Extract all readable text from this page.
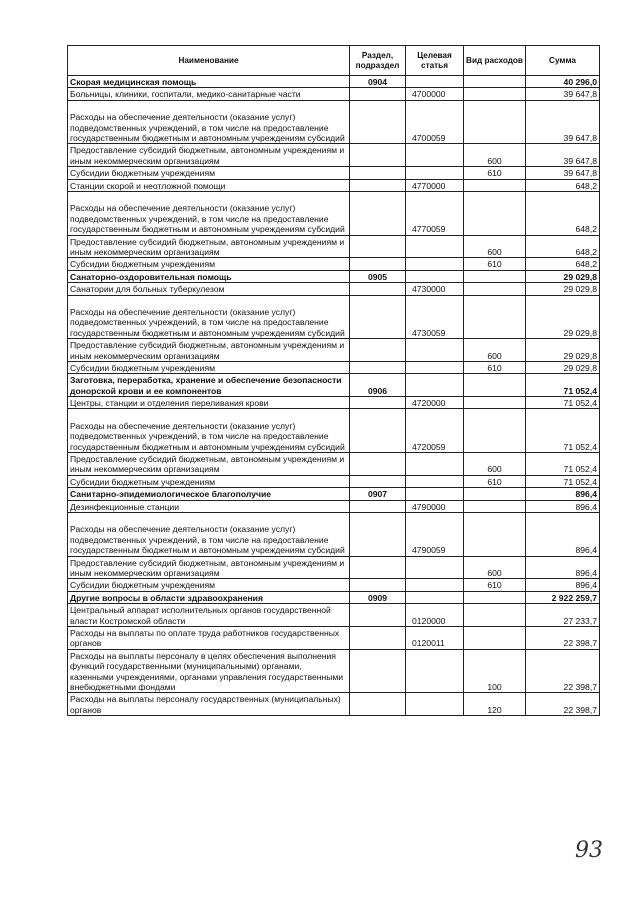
Наименование	Раздел, подраздел	Целевая статья	Вид расходов	Сумма
Скорая медицинская помощь	0904			40 296,0
Больницы, клиники, госпитали, медико-санитарные части		4700000		39 647,8
Расходы на обеспечение деятельности (оказание услуг) подведомственных учреждений, в том числе на предоставление государственным бюджетным и автономным учреждениям субсидий		4700059		39 647,8
Предоставление субсидий бюджетным, автономным учреждениям и иным некоммерческим организациям			600	39 647,8
Субсидии бюджетным учреждениям			610	39 647,8
Станции скорой и неотложной помощи		4770000		648,2
Расходы на обеспечение деятельности (оказание услуг) подведомственных учреждений, в том числе на предоставление государственным бюджетным и автономным учреждениям субсидий		4770059		648,2
Предоставление субсидий бюджетным, автономным учреждениям и иным некоммерческим организациям			600	648,2
Субсидии бюджетным учреждениям			610	648,2
Санаторно-оздоровительная помощь	0905			29 029,8
Санатории для больных туберкулезом		4730000		29 029,8
Расходы на обеспечение деятельности (оказание услуг) подведомственных учреждений, в том числе на предоставление государственным бюджетным и автономным учреждениям субсидий		4730059		29 029,8
Предоставление субсидий бюджетным, автономным учреждениям и иным некоммерческим организациям			600	29 029,8
Субсидии бюджетным учреждениям			610	29 029,8
Заготовка, переработка, хранение и обеспечение безопасности донорской крови и ее компонентов	0906			71 052,4
Центры, станции и отделения переливания крови		4720000		71 052,4
Расходы на обеспечение деятельности (оказание услуг) подведомственных учреждений, в том числе на предоставление государственным бюджетным и автономным учреждениям субсидий		4720059		71 052,4
Предоставление субсидий бюджетным, автономным учреждениям и иным некоммерческим организациям			600	71 052,4
Субсидии бюджетным учреждениям			610	71 052,4
Санитарно-эпидемиологическое благополучие	0907			896,4
Дезинфекционные станции		4790000		896,4
Расходы на обеспечение деятельности (оказание услуг) подведомственных учреждений, в том числе на предоставление государственным бюджетным и автономным учреждениям субсидий		4790059		896,4
Предоставление субсидий бюджетным, автономным учреждениям и иным некоммерческим организациям			600	896,4
Субсидии бюджетным учреждениям			610	896,4
Другие вопросы в области здравоохранения	0909			2 922 259,7
Центральный аппарат исполнительных органов государственной власти Костромской области		0120000		27 233,7
Расходы на выплаты по оплате труда работников государственных органов		0120011		22 398,7
Расходы на выплаты персоналу в целях обеспечения выполнения функций государственными (муниципальными) органами, казенными учреждениями, органами управления государственными внебюджетными фондами			100	22 398,7
Расходы на выплаты персоналу государственных (муниципальных) органов			120	22 398,7
93
